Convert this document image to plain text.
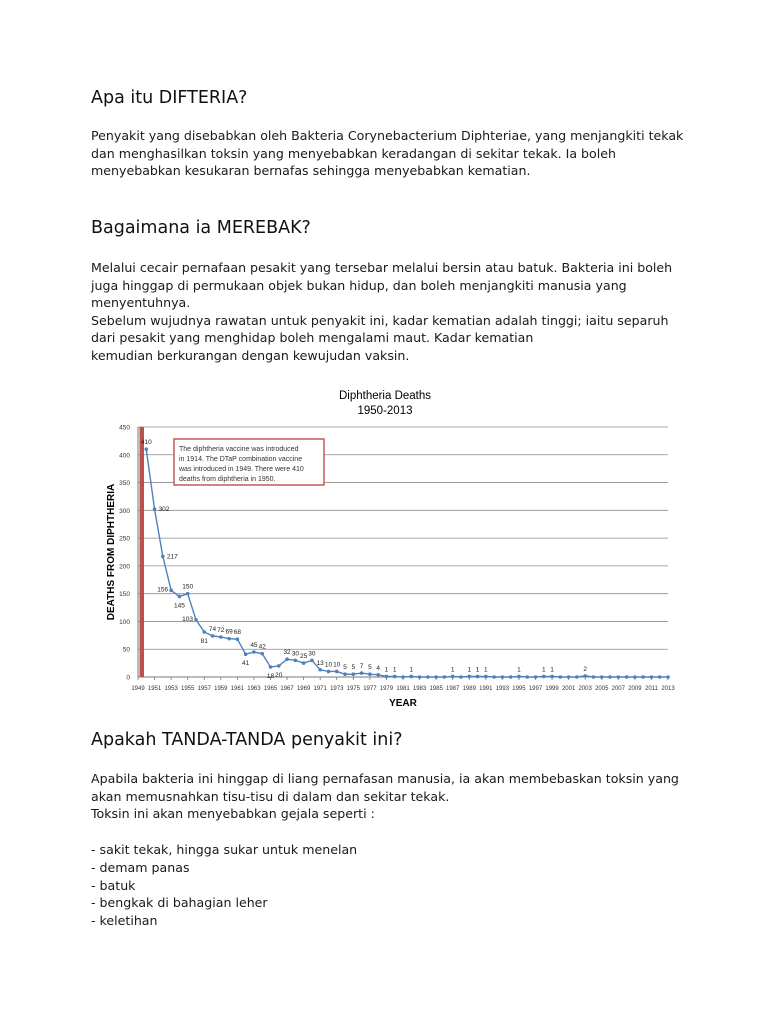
Apa itu DIFTERIA?

Penyakit yang disebabkan oleh Bakteria Corynebacterium Diphteriae, yang menjangkiti tekak
dan menghasilkan toksin yang menyebabkan keradangan di sekitar tekak. Ia boleh
menyebabkan kesukaran bernafas sehingga menyebabkan kematian.

Bagaimana ia MEREBAK?

Melalui cecair pernafaan pesakit yang tersebar melalui bersin atau batuk. Bakteria ini boleh
juga hinggap di permukaan objek bukan hidup, dan boleh menjangkiti manusia yang
menyentuhnya.
Sebelum wujudnya rawatan untuk penyakit ini, kadar kematian adalah tinggi; iaitu separuh
dari pesakit yang menghidap boleh mengalami maut. Kadar kematian
kemudian berkurangan dengan kewujudan vaksin.

Diphtheria Deaths
1950-2013
DEATHS FROM DIPHTHERIA
YEAR
0
50
100
150
200
250
300
350
400
450
1949 1951 1953 1955 1957 1959 1961 1963 1965 1967 1969 1971 1973 1975 1977 1979 1981 1983 1985 1987 1989 1991 1993 1995 1997 1999 2001 2003 2005 2007 2009 2011 2013
410
302
217
156
145
150
103
81
74 72 69 68
41
45 42
18 20
32 30 25 30
13 10 10 5 5 7 5 4 1 1 1	1 1 1 1	1	1 1	2
The diphtheria vaccine was introduced
in 1914. The DTaP combination vaccine
was introduced in 1949. There were 410
deaths from diphtheria in 1950.
Apakah TANDA-TANDA penyakit ini?

Apabila bakteria ini hinggap di liang pernafasan manusia, ia akan membebaskan toksin yang
akan memusnahkan tisu-tisu di dalam dan sekitar tekak.
Toksin ini akan menyebabkan gejala seperti :

- sakit tekak, hingga sukar untuk menelan
- demam panas
- batuk
- bengkak di bahagian leher
- keletihan
